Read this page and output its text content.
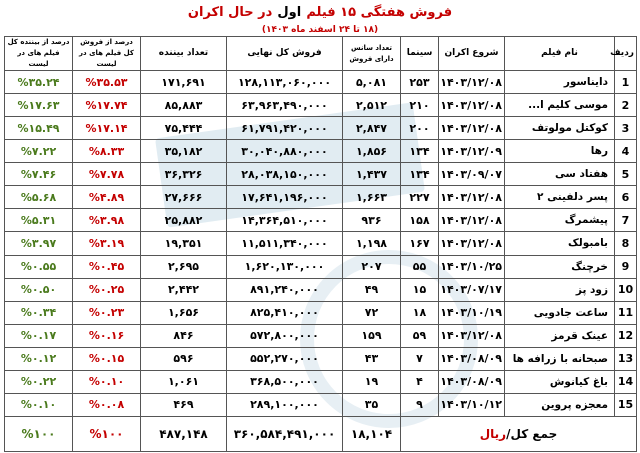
فروش هفتگی ۱۵ فیلم اول در حال اکران
(۱۸ تا ۲۴ اسفند ماه ۱۴۰۳)
ردیف	نام فیلم	شروع اکران	سینما	تعداد سانس دارای فروش	فروش کل نهایی	تعداد بیننده	درصد از فروش کل فیلم های در لیست	درصد از بیننده کل فیلم های در لیست
1	دایناسور	۱۴۰۳/۱۲/۰۸	۲۵۳	۵,۰۸۱	۱۲۸,۱۱۳,۰۶۰,۰۰۰	۱۷۱,۶۹۱	%۳۵.۵۳	%۳۵.۲۴
2	موسی کلیم ا...	۱۴۰۳/۱۲/۰۸	۲۱۰	۲,۵۱۲	۶۳,۹۶۳,۴۹۰,۰۰۰	۸۵,۸۸۳	%۱۷.۷۴	%۱۷.۶۳
3	کوکتل مولوتف	۱۴۰۳/۱۲/۰۸	۲۰۰	۲,۸۴۷	۶۱,۷۹۱,۴۲۰,۰۰۰	۷۵,۴۴۴	%۱۷.۱۴	%۱۵.۴۹
4	رها	۱۴۰۳/۱۲/۰۹	۱۳۴	۱,۸۵۶	۳۰,۰۴۰,۸۸۰,۰۰۰	۳۵,۱۸۲	%۸.۳۳	%۷.۲۲
5	هفتاد سی	۱۴۰۳/۰۹/۰۷	۱۳۴	۱,۴۳۷	۲۸,۰۳۸,۱۵۰,۰۰۰	۳۶,۳۲۶	%۷.۷۸	%۷.۴۶
6	پسر دلفینی ۲	۱۴۰۳/۱۲/۰۸	۲۲۷	۱,۶۶۳	۱۷,۶۴۱,۱۹۶,۰۰۰	۲۷,۶۶۶	%۴.۸۹	%۵.۶۸
7	پیشمرگ	۱۴۰۳/۱۲/۰۸	۱۵۸	۹۳۶	۱۴,۳۶۴,۵۱۰,۰۰۰	۲۵,۸۸۲	%۳.۹۸	%۵.۳۱
8	بامبولک	۱۴۰۳/۱۲/۰۸	۱۶۷	۱,۱۹۸	۱۱,۵۱۱,۳۴۰,۰۰۰	۱۹,۳۵۱	%۳.۱۹	%۳.۹۷
9	خرچنگ	۱۴۰۳/۱۰/۲۵	۵۵	۲۰۷	۱,۶۲۰,۱۳۰,۰۰۰	۲,۶۹۵	%۰.۴۵	%۰.۵۵
10	زود پز	۱۴۰۳/۰۷/۱۷	۱۵	۴۹	۸۹۱,۲۴۰,۰۰۰	۲,۴۴۲	%۰.۲۵	%۰.۵۰
11	ساعت جادویی	۱۴۰۳/۱۰/۱۹	۱۸	۷۲	۸۲۵,۴۱۰,۰۰۰	۱,۶۵۶	%۰.۲۳	%۰.۳۴
12	عینک قرمز	۱۴۰۳/۱۲/۰۸	۵۹	۱۵۹	۵۷۲,۸۰۰,۰۰۰	۸۴۶	%۰.۱۶	%۰.۱۷
13	صبحانه با زرافه ها	۱۴۰۳/۰۸/۰۹	۷	۴۳	۵۵۲,۲۷۰,۰۰۰	۵۹۶	%۰.۱۵	%۰.۱۲
14	باغ کیانوش	۱۴۰۳/۰۸/۰۹	۴	۱۹	۳۶۸,۵۰۰,۰۰۰	۱,۰۶۱	%۰.۱۰	%۰.۲۲
15	معجزه پروین	۱۴۰۳/۱۰/۱۲	۹	۳۵	۲۸۹,۱۰۰,۰۰۰	۴۶۹	%۰.۰۸	%۰.۱۰
جمع کل/ریال				۱۸,۱۰۴	۳۶۰,۵۸۴,۴۹۱,۰۰۰	۴۸۷,۱۴۸	%۱۰۰	%۱۰۰
